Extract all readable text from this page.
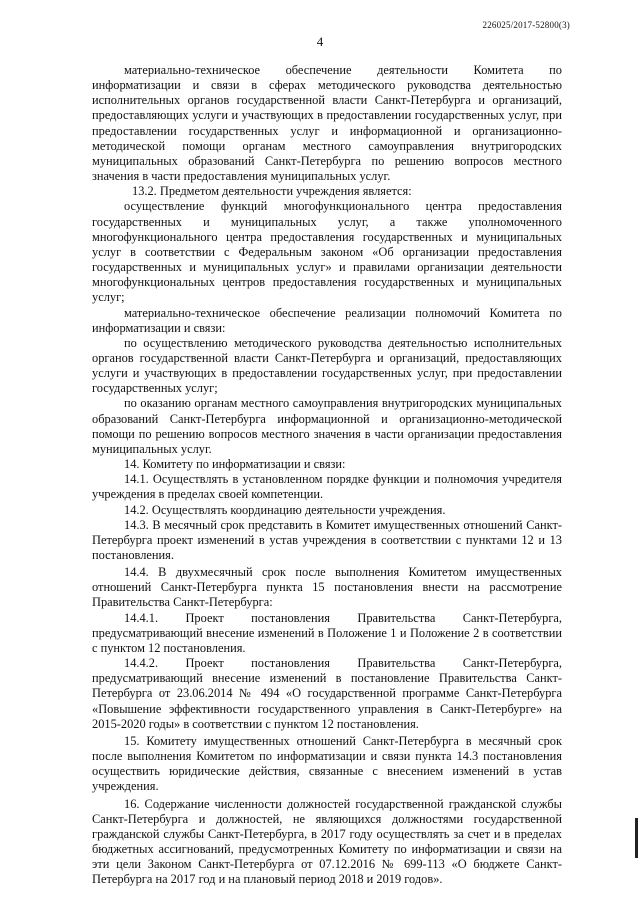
226025/2017-52800(3)
4

материально-техническое обеспечение деятельности Комитета по информатизации и связи в сферах методического руководства деятельностью исполнительных органов государственной власти Санкт-Петербурга и организаций, предоставляющих услуги и участвующих в предоставлении государственных услуг, при предоставлении государственных услуг и информационной и организационно-методической помощи органам местного самоуправления внутригородских муниципальных образований Санкт-Петербурга по решению вопросов местного значения в части предоставления муниципальных услуг.

13.2. Предметом деятельности учреждения является:

осуществление функций многофункционального центра предоставления государственных и муниципальных услуг, а также уполномоченного многофункционального центра предоставления государственных и муниципальных услуг в соответствии с Федеральным законом «Об организации предоставления государственных и муниципальных услуг» и правилами организации деятельности многофункциональных центров предоставления государственных и муниципальных услуг;

материально-техническое обеспечение реализации полномочий Комитета по информатизации и связи:

по осуществлению методического руководства деятельностью исполнительных органов государственной власти Санкт-Петербурга и организаций, предоставляющих услуги и участвующих в предоставлении государственных услуг, при предоставлении государственных услуг;

по оказанию органам местного самоуправления внутригородских муниципальных образований Санкт-Петербурга информационной и организационно-методической помощи по решению вопросов местного значения в части организации предоставления муниципальных услуг.

14. Комитету по информатизации и связи:

14.1. Осуществлять в установленном порядке функции и полномочия учредителя учреждения в пределах своей компетенции.

14.2. Осуществлять координацию деятельности учреждения.

14.3. В месячный срок представить в Комитет имущественных отношений Санкт-Петербурга проект изменений в устав учреждения в соответствии с пунктами 12 и 13 постановления.

14.4. В двухмесячный срок после выполнения Комитетом имущественных отношений Санкт-Петербурга пункта 15 постановления внести на рассмотрение Правительства Санкт-Петербурга:

14.4.1. Проект постановления Правительства Санкт-Петербурга, предусматривающий внесение изменений в Положение 1 и Положение 2 в соответствии с пунктом 12 постановления.

14.4.2. Проект постановления Правительства Санкт-Петербурга, предусматривающий внесение изменений в постановление Правительства Санкт-Петербурга от 23.06.2014 № 494 «О государственной программе Санкт-Петербурга «Повышение эффективности государственного управления в Санкт-Петербурге» на 2015-2020 годы» в соответствии с пунктом 12 постановления.

15. Комитету имущественных отношений Санкт-Петербурга в месячный срок после выполнения Комитетом по информатизации и связи пункта 14.3 постановления осуществить юридические действия, связанные с внесением изменений в устав учреждения.

16. Содержание численности должностей государственной гражданской службы Санкт-Петербурга и должностей, не являющихся должностями государственной гражданской службы Санкт-Петербурга, в 2017 году осуществлять за счет и в пределах бюджетных ассигнований, предусмотренных Комитету по информатизации и связи на эти цели Законом Санкт-Петербурга от 07.12.2016 № 699-113 «О бюджете Санкт-Петербурга на 2017 год и на плановый период 2018 и 2019 годов».
